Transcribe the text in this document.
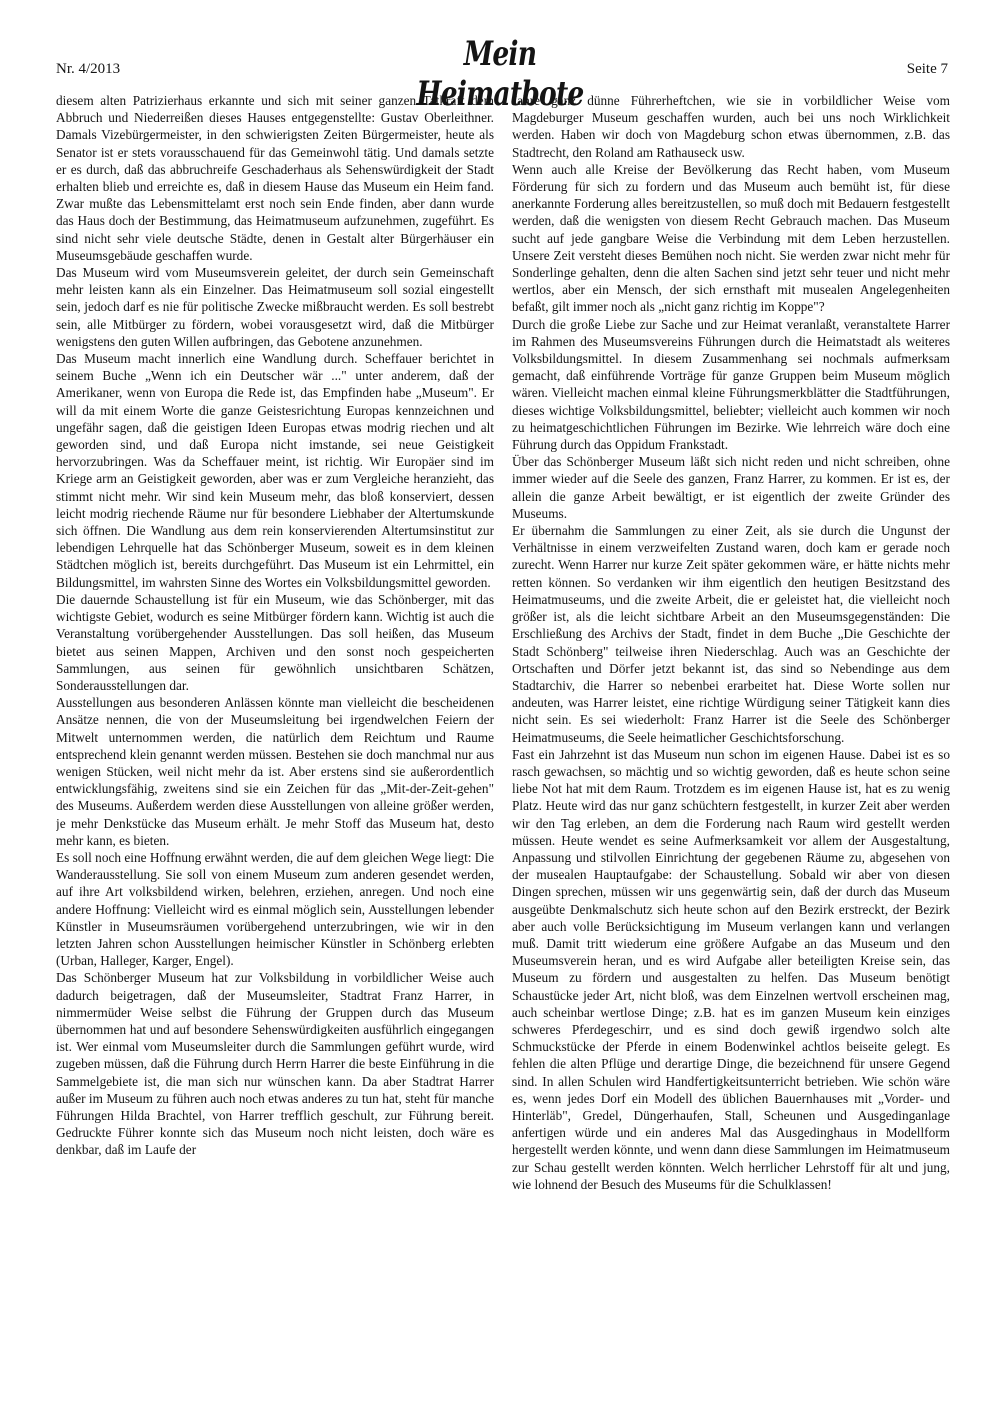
Nr. 4/2013	Mein Heimatbote
Seite 7

diesem alten Patrizierhaus erkannte und sich mit seiner ganzen Tatkraft dem Abbruch und Niederreißen dieses Hauses entgegenstellte: Gustav Oberleithner. Damals Vizebürgermeister, in den schwierigsten Zeiten Bürgermeister, heute als Senator ist er stets vorausschauend für das Gemeinwohl tätig. Und damals setzte er es durch, daß das abbruchreife Geschaderhaus als Sehenswürdigkeit der Stadt erhalten blieb und erreichte es, daß in diesem Hause das Museum ein Heim fand. Zwar mußte das Lebensmittelamt erst noch sein Ende finden, aber dann wurde das Haus doch der Bestimmung, das Heimatmuseum aufzunehmen, zugeführt. Es sind nicht sehr viele deutsche Städte, denen in Gestalt alter Bürgerhäuser ein Museumsgebäude geschaffen wurde.

Das Museum wird vom Museumsverein geleitet, der durch sein Gemeinschaft mehr leisten kann als ein Einzelner. Das Heimatmuseum soll sozial eingestellt sein, jedoch darf es nie für politische Zwecke mißbraucht werden. Es soll bestrebt sein, alle Mitbürger zu fördern, wobei vorausgesetzt wird, daß die Mitbürger wenigstens den guten Willen aufbringen, das Gebotene anzunehmen.

Das Museum macht innerlich eine Wandlung durch. Scheffauer berichtet in seinem Buche „Wenn ich ein Deutscher wär ..." unter anderem, daß der Amerikaner, wenn von Europa die Rede ist, das Empfinden habe „Museum". Er will da mit einem Worte die ganze Geistesrichtung Europas kennzeichnen und ungefähr sagen, daß die geistigen Ideen Europas etwas modrig riechen und alt geworden sind, und daß Europa nicht imstande, sei neue Geistigkeit hervorzubringen. Was da Scheffauer meint, ist richtig. Wir Europäer sind im Kriege arm an Geistigkeit geworden, aber was er zum Vergleiche heranzieht, das stimmt nicht mehr. Wir sind kein Museum mehr, das bloß konserviert, dessen leicht modrig riechende Räume nur für besondere Liebhaber der Altertumskunde sich öffnen. Die Wandlung aus dem rein konservierenden Altertumsinstitut zur lebendigen Lehrquelle hat das Schönberger Museum, soweit es in dem kleinen Städtchen möglich ist, bereits durchgeführt. Das Museum ist ein Lehrmittel, ein Bildungsmittel, im wahrsten Sinne des Wortes ein Volksbildungsmittel geworden.

Die dauernde Schaustellung ist für ein Museum, wie das Schönberger, mit das wichtigste Gebiet, wodurch es seine Mitbürger fördern kann. Wichtig ist auch die Veranstaltung vorübergehender Ausstellungen. Das soll heißen, das Museum bietet aus seinen Mappen, Archiven und den sonst noch gespeicherten Sammlungen, aus seinen für gewöhnlich unsichtbaren Schätzen, Sonderausstellungen dar.

Ausstellungen aus besonderen Anlässen könnte man vielleicht die bescheidenen Ansätze nennen, die von der Museumsleitung bei irgendwelchen Feiern der Mitwelt unternommen werden, die natürlich dem Reichtum und Raume entsprechend klein genannt werden müssen. Bestehen sie doch manchmal nur aus wenigen Stücken, weil nicht mehr da ist. Aber erstens sind sie außerordentlich entwicklungsfähig, zweitens sind sie ein Zeichen für das „Mit-der-Zeit-gehen" des Museums. Außerdem werden diese Ausstellungen von alleine größer werden, je mehr Denkstücke das Museum erhält. Je mehr Stoff das Museum hat, desto mehr kann, es bieten.

Es soll noch eine Hoffnung erwähnt werden, die auf dem gleichen Wege liegt: Die Wanderausstellung. Sie soll von einem Museum zum anderen gesendet werden, auf ihre Art volksbildend wirken, belehren, erziehen, anregen. Und noch eine andere Hoffnung: Vielleicht wird es einmal möglich sein, Ausstellungen lebender Künstler in Museumsräumen vorübergehend unterzubringen, wie wir in den letzten Jahren schon Ausstellungen heimischer Künstler in Schönberg erlebten (Urban, Halleger, Karger, Engel).

Das Schönberger Museum hat zur Volksbildung in vorbildlicher Weise auch dadurch beigetragen, daß der Museumsleiter, Stadtrat Franz Harrer, in nimmermüder Weise selbst die Führung der Gruppen durch das Museum übernommen hat und auf besondere Sehenswürdigkeiten ausführlich eingegangen ist. Wer einmal vom Museumsleiter durch die Sammlungen geführt wurde, wird zugeben müssen, daß die Führung durch Herrn Harrer die beste Einführung in die Sammelgebiete ist, die man sich nur wünschen kann. Da aber Stadtrat Harrer außer im Museum zu führen auch noch etwas anderes zu tun hat, steht für manche Führungen Hilda Brachtel, von Harrer trefflich geschult, zur Führung bereit. Gedruckte Führer konnte sich das Museum noch nicht leisten, doch wäre es denkbar, daß im Laufe der

Jahre ganz dünne Führerheftchen, wie sie in vorbildlicher Weise vom Magdeburger Museum geschaffen wurden, auch bei uns noch Wirklichkeit werden. Haben wir doch von Magdeburg schon etwas übernommen, z.B. das Stadtrecht, den Roland am Rathauseck usw.

Wenn auch alle Kreise der Bevölkerung das Recht haben, vom Museum Förderung für sich zu fordern und das Museum auch bemüht ist, für diese anerkannte Forderung alles bereitzustellen, so muß doch mit Bedauern festgestellt werden, daß die wenigsten von diesem Recht Gebrauch machen. Das Museum sucht auf jede gangbare Weise die Verbindung mit dem Leben herzustellen. Unsere Zeit versteht dieses Bemühen noch nicht. Sie werden zwar nicht mehr für Sonderlinge gehalten, denn die alten Sachen sind jetzt sehr teuer und nicht mehr wertlos, aber ein Mensch, der sich ernsthaft mit musealen Angelegenheiten befaßt, gilt immer noch als „nicht ganz richtig im Koppe"?

Durch die große Liebe zur Sache und zur Heimat veranlaßt, veranstaltete Harrer im Rahmen des Museumsvereins Führungen durch die Heimatstadt als weiteres Volksbildungsmittel. In diesem Zusammenhang sei nochmals aufmerksam gemacht, daß einführende Vorträge für ganze Gruppen beim Museum möglich wären. Vielleicht machen einmal kleine Führungsmerkblätter die Stadtführungen, dieses wichtige Volksbildungsmittel, beliebter; vielleicht auch kommen wir noch zu heimatgeschichtlichen Führungen im Bezirke. Wie lehrreich wäre doch eine Führung durch das Oppidum Frankstadt.

Über das Schönberger Museum läßt sich nicht reden und nicht schreiben, ohne immer wieder auf die Seele des ganzen, Franz Harrer, zu kommen. Er ist es, der allein die ganze Arbeit bewältigt, er ist eigentlich der zweite Gründer des Museums.

Er übernahm die Sammlungen zu einer Zeit, als sie durch die Ungunst der Verhältnisse in einem verzweifelten Zustand waren, doch kam er gerade noch zurecht. Wenn Harrer nur kurze Zeit später gekommen wäre, er hätte nichts mehr retten können. So verdanken wir ihm eigentlich den heutigen Besitzstand des Heimatmuseums, und die zweite Arbeit, die er geleistet hat, die vielleicht noch größer ist, als die leicht sichtbare Arbeit an den Museumsgegenständen: Die Erschließung des Archivs der Stadt, findet in dem Buche „Die Geschichte der Stadt Schönberg" teilweise ihren Niederschlag. Auch was an Geschichte der Ortschaften und Dörfer jetzt bekannt ist, das sind so Nebendinge aus dem Stadtarchiv, die Harrer so nebenbei erarbeitet hat. Diese Worte sollen nur andeuten, was Harrer leistet, eine richtige Würdigung seiner Tätigkeit kann dies nicht sein. Es sei wiederholt: Franz Harrer ist die Seele des Schönberger Heimatmuseums, die Seele heimatlicher Geschichtsforschung.

Fast ein Jahrzehnt ist das Museum nun schon im eigenen Hause. Dabei ist es so rasch gewachsen, so mächtig und so wichtig geworden, daß es heute schon seine liebe Not hat mit dem Raum. Trotzdem es im eigenen Hause ist, hat es zu wenig Platz. Heute wird das nur ganz schüchtern festgestellt, in kurzer Zeit aber werden wir den Tag erleben, an dem die Forderung nach Raum wird gestellt werden müssen. Heute wendet es seine Aufmerksamkeit vor allem der Ausgestaltung, Anpassung und stilvollen Einrichtung der gegebenen Räume zu, abgesehen von der musealen Hauptaufgabe: der Schaustellung. Sobald wir aber von diesen Dingen sprechen, müssen wir uns gegenwärtig sein, daß der durch das Museum ausgeübte Denkmalschutz sich heute schon auf den Bezirk erstreckt, der Bezirk aber auch volle Berücksichtigung im Museum verlangen kann und verlangen muß. Damit tritt wiederum eine größere Aufgabe an das Museum und den Museumsverein heran, und es wird Aufgabe aller beteiligten Kreise sein, das Museum zu fördern und ausgestalten zu helfen. Das Museum benötigt Schaustücke jeder Art, nicht bloß, was dem Einzelnen wertvoll erscheinen mag, auch scheinbar wertlose Dinge; z.B. hat es im ganzen Museum kein einziges schweres Pferdegeschirr, und es sind doch gewiß irgendwo solch alte Schmuckstücke der Pferde in einem Bodenwinkel achtlos beiseite gelegt. Es fehlen die alten Pflüge und derartige Dinge, die bezeichnend für unsere Gegend sind. In allen Schulen wird Handfertigkeitsunterricht betrieben. Wie schön wäre es, wenn jedes Dorf ein Modell des üblichen Bauernhauses mit „Vorder- und Hinterläb", Gredel, Düngerhaufen, Stall, Scheunen und Ausgedinganlage anfertigen würde und ein anderes Mal das Ausgedinghaus in Modellform hergestellt werden könnte, und wenn dann diese Sammlungen im Heimatmuseum zur Schau gestellt werden könnten. Welch herrlicher Lehrstoff für alt und jung, wie lohnend der Besuch des Museums für die Schulklassen!
